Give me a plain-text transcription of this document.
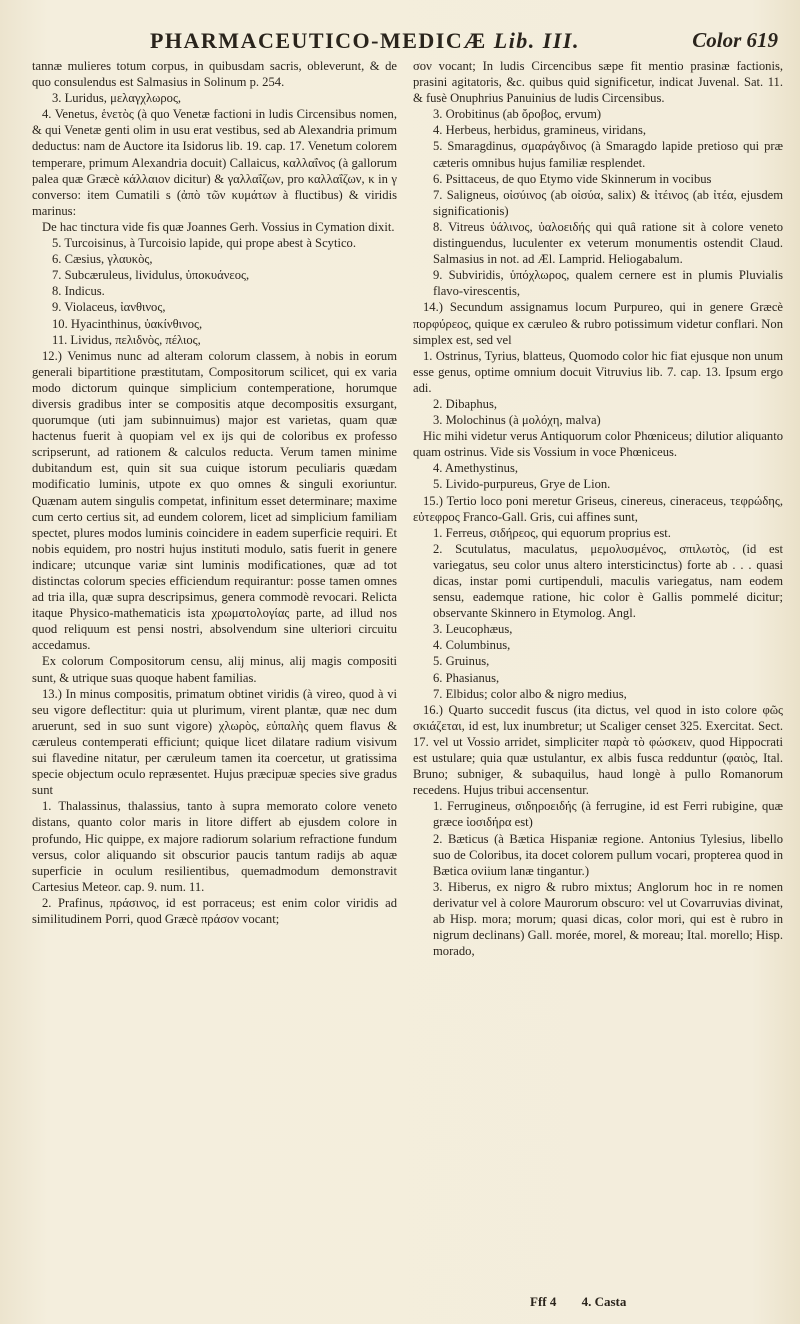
PHARMACEUTICO-MEDICÆ Lib. III.	Color 619

tannæ mulieres totum corpus, in quibusdam sacris, obleverunt, & de quo consulendus est Salmasius in Solinum p. 254.

3. Luridus, μελαγχλωρος,

4. Venetus, ἑνετὸς (à quo Venetæ factioni in ludis Circensibus nomen, & qui Venetæ genti olim in usu erat vestibus, sed ab Alexandria primum deductus: nam de Auctore ita Isidorus lib. 19. cap. 17. Venetum colorem temperare, primum Alexandria docuit) Callaicus, καλλαΐνος (à gallorum palea quæ Græcè κάλλαιον dicitur) & γαλλαΐζων, pro καλλαΐζων, κ in γ converso: item Cumatili s (ἀπὸ τῶν κυμάτων à fluctibus) & viridis marinus:

De hac tinctura vide fis quæ Joannes Gerh. Vossius in Cymation dixit.

5. Turcoisinus, à Turcoisio lapide, qui prope abest à Scytico.

6. Cæsius, γλαυκὸς,

7. Subcæruleus, lividulus, ὑποκυάνεος,

8. Indicus.

9. Violaceus, ἰανθινος,

10. Hyacinthinus, ὑακίνθινος,

11. Lividus, πελιδνὸς, πέλιος,

12.) Venimus nunc ad alteram colorum classem, à nobis in eorum generali bipartitione præstitutam, Compositorum scilicet, qui ex varia modo dictorum quinque simplicium contemperatione, horumque diversis gradibus inter se compositis atque decompositis exsurgant, quorumque (uti jam subinnuimus) major est varietas, quam quæ hactenus fuerit à quopiam vel ex ijs qui de coloribus ex professo scripserunt, ad rationem & calculos reducta. Verum tamen minime dubitandum est, quin sit sua cuique istorum peculiaris quædam modificatio luminis, utpote ex quo omnes & singuli exoriuntur. Quænam autem singulis competat, infinitum esset determinare; maxime cum certo certius sit, ad eundem colorem, licet ad simplicium familiam spectet, plures modos luminis coincidere in eadem superficie requiri. Et nobis equidem, pro nostri hujus instituti modulo, satis fuerit in genere indicare; utcunque variæ sint luminis modificationes, quæ ad tot distinctas colorum species efficiendum requirantur: posse tamen omnes ad tria illa, quæ supra descripsimus, genera commodè revocari. Relicta itaque Physico-mathematicis ista χρωματολογίας parte, ad illud nos quod reliquum est pensi nostri, absolvendum sine ulteriori circuitu accedamus.

Ex colorum Compositorum censu, alij minus, alij magis compositi sunt, & utrique suas quoque habent familias.

13.) In minus compositis, primatum obtinet viridis (à vireo, quod à vi seu vigore deflectitur: quia ut plurimum, virent plantæ, quæ nec dum aruerunt, sed in suo sunt vigore) χλωρὸς, εὐπαλὴς quem flavus & cæruleus contemperati efficiunt; quique licet dilatare radium visivum sui flavedine nitatur, per cæruleum tamen ita coercetur, ut gratissima specie objectum oculo repræsentet. Hujus præcipuæ species sive gradus sunt

1. Thalassinus, thalassius, tanto à supra memorato colore veneto distans, quanto color maris in litore differt ab ejusdem colore in profundo, Hic quippe, ex majore radiorum solarium refractione fundum versus, color aliquando sit obscurior paucis tantum radijs ab aquæ superficie in oculum resilientibus, quemadmodum demonstravit Cartesius Meteor. cap. 9. num. 11.

2. Prafinus, πράσινος, id est porraceus; est enim color viridis ad similitudinem Porri, quod Græcè πράσον vocant;

σον vocant; In ludis Circencibus sæpe fit mentio prasinæ factionis, prasini agitatoris, &c. quibus quid significetur, indicat Juvenal. Sat. 11. & fusè Onuphrius Panuinius de ludis Circensibus.

3. Orobitinus (ab ὄροβος, ervum)

4. Herbeus, herbidus, gramineus, viridans,

5. Smaragdinus, σμαράγδινος (à Smaragdo lapide pretioso qui præ cæteris omnibus hujus familiæ resplendet.

6. Psittaceus, de quo Etymo vide Skinnerum in vocibus

7. Saligneus, οἰσύινος (ab οἰσύα, salix) & ἰτέινος (ab ἰτέα, ejusdem significationis)

8. Vitreus ὑάλινος, ὑαλοειδής qui quâ ratione sit à colore veneto distinguendus, luculenter ex veterum monumentis ostendit Claud. Salmasius in not. ad Æl. Lamprid. Heliogabalum.

9. Subviridis, ὑπόχλωρος, qualem cernere est in plumis Pluvialis flavo-virescentis,

14.) Secundum assignamus locum Purpureo, qui in genere Græcè πορφύρεος, quique ex cæruleo & rubro potissimum videtur conflari. Non simplex est, sed vel

1. Ostrinus, Tyrius, blatteus, Quomodo color hic fiat ejusque non unum esse genus, optime omnium docuit Vitruvius lib. 7. cap. 13. Ipsum ergo adi.

2. Dibaphus,

3. Molochinus (à μολόχη, malva)

Hic mihi videtur verus Antiquorum color Phœniceus; dilutior aliquanto quam ostrinus. Vide sis Vossium in voce Phœniceus.

4. Amethystinus,

5. Livido-purpureus, Grye de Lion.

15.) Tertio loco poni meretur Griseus, cinereus, cineraceus, τεφρώδης, εὐτεφρος Franco-Gall. Gris, cui affines sunt,

1. Ferreus, σιδήρεος, qui equorum proprius est.

2. Scutulatus, maculatus, μεμολυσμένος, σπιλωτὸς, (id est variegatus, seu color unus altero intersticinctus) forte ab . . . quasi dicas, instar pomi curtipenduli, maculis variegatus, nam eodem sensu, eademque ratione, hic color è Gallis pommelé dicitur; observante Skinnero in Etymolog. Angl.

3. Leucophæus,

4. Columbinus,

5. Gruinus,

6. Phasianus,

7. Elbidus; color albo & nigro medius,

16.) Quarto succedit fuscus (ita dictus, vel quod in isto colore φῶς σκιάζεται, id est, lux inumbretur; ut Scaliger censet 325. Exercitat. Sect. 17. vel ut Vossio arridet, simpliciter παρὰ τὸ φώσκειν, quod Hippocrati est ustulare; quia quæ ustulantur, ex albis fusca redduntur (φαιὸς, Ital. Bruno; subniger, & subaquilus, haud longè à pullo Romanorum recedens. Hujus tribui accensentur.

1. Ferrugineus, σιδηροειδής (à ferrugine, id est Ferri rubigine, quæ græce ἰοσιδήρα est)

2. Bæticus (à Bætica Hispaniæ regione. Antonius Tylesius, libello suo de Coloribus, ita docet colorem pullum vocari, propterea quod in Bætica oviium lanæ tingantur.)

3. Hiberus, ex nigro & rubro mixtus; Anglorum hoc in re nomen derivatur vel à colore Maurorum obscuro: vel ut Covarruvias divinat, ab Hisp. mora; morum; quasi dicas, color mori, qui est è rubro in nigrum declinans) Gall. morée, morel, & moreau; Ital. morello; Hisp. morado,

Fff 4 4. Casta
